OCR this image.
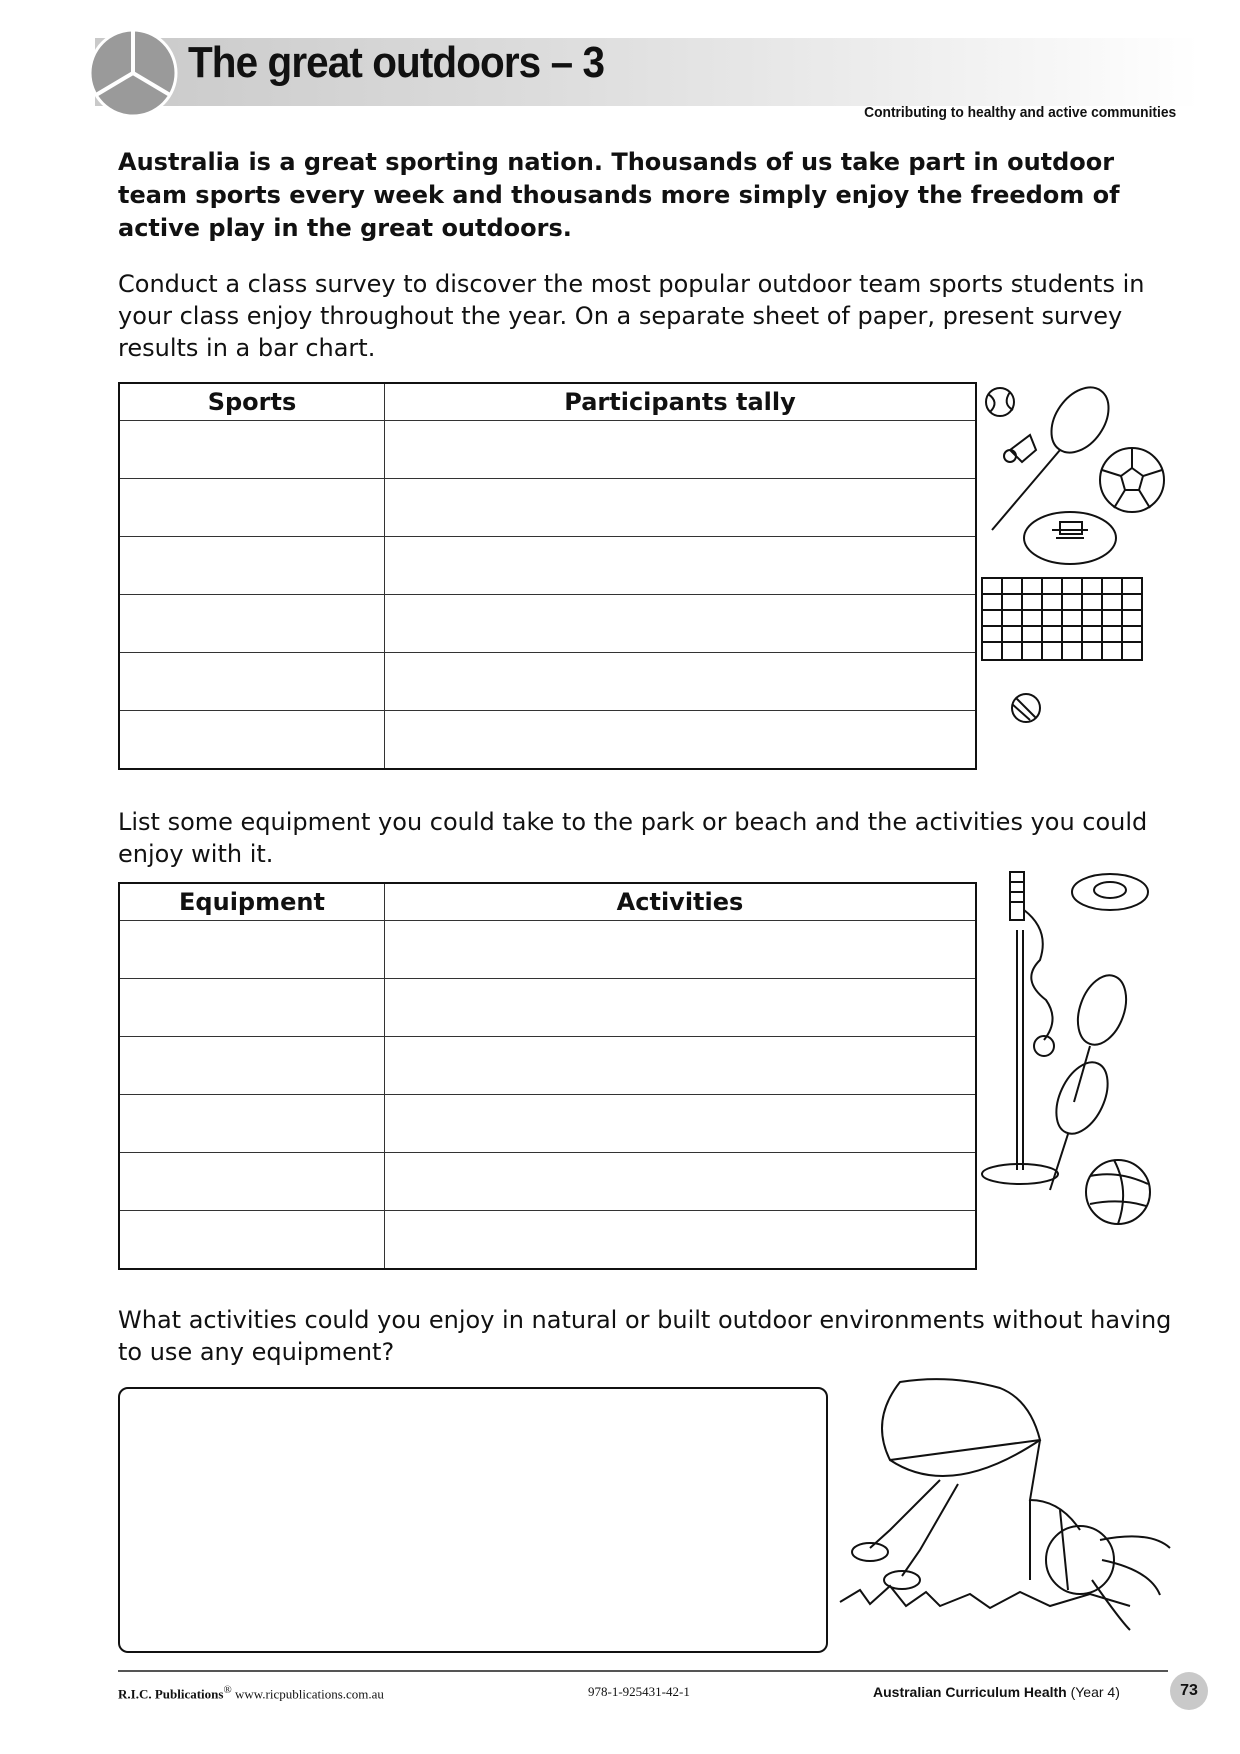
The great outdoors – 3
Contributing to healthy and active communities
Australia is a great sporting nation. Thousands of us take part in outdoor team sports every week and thousands more simply enjoy the freedom of active play in the great outdoors.
Conduct a class survey to discover the most popular outdoor team sports students in your class enjoy throughout the year. On a separate sheet of paper, present survey results in a bar chart.
Sports	Participants tally

List some equipment you could take to the park or beach and the activities you could enjoy with it.
Equipment	Activities

What activities could you enjoy in natural or built outdoor environments without having to use any equipment?
R.I.C. Publications® www.ricpublications.com.au	978-1-925431-42-1	Australian Curriculum Health (Year 4)	73
